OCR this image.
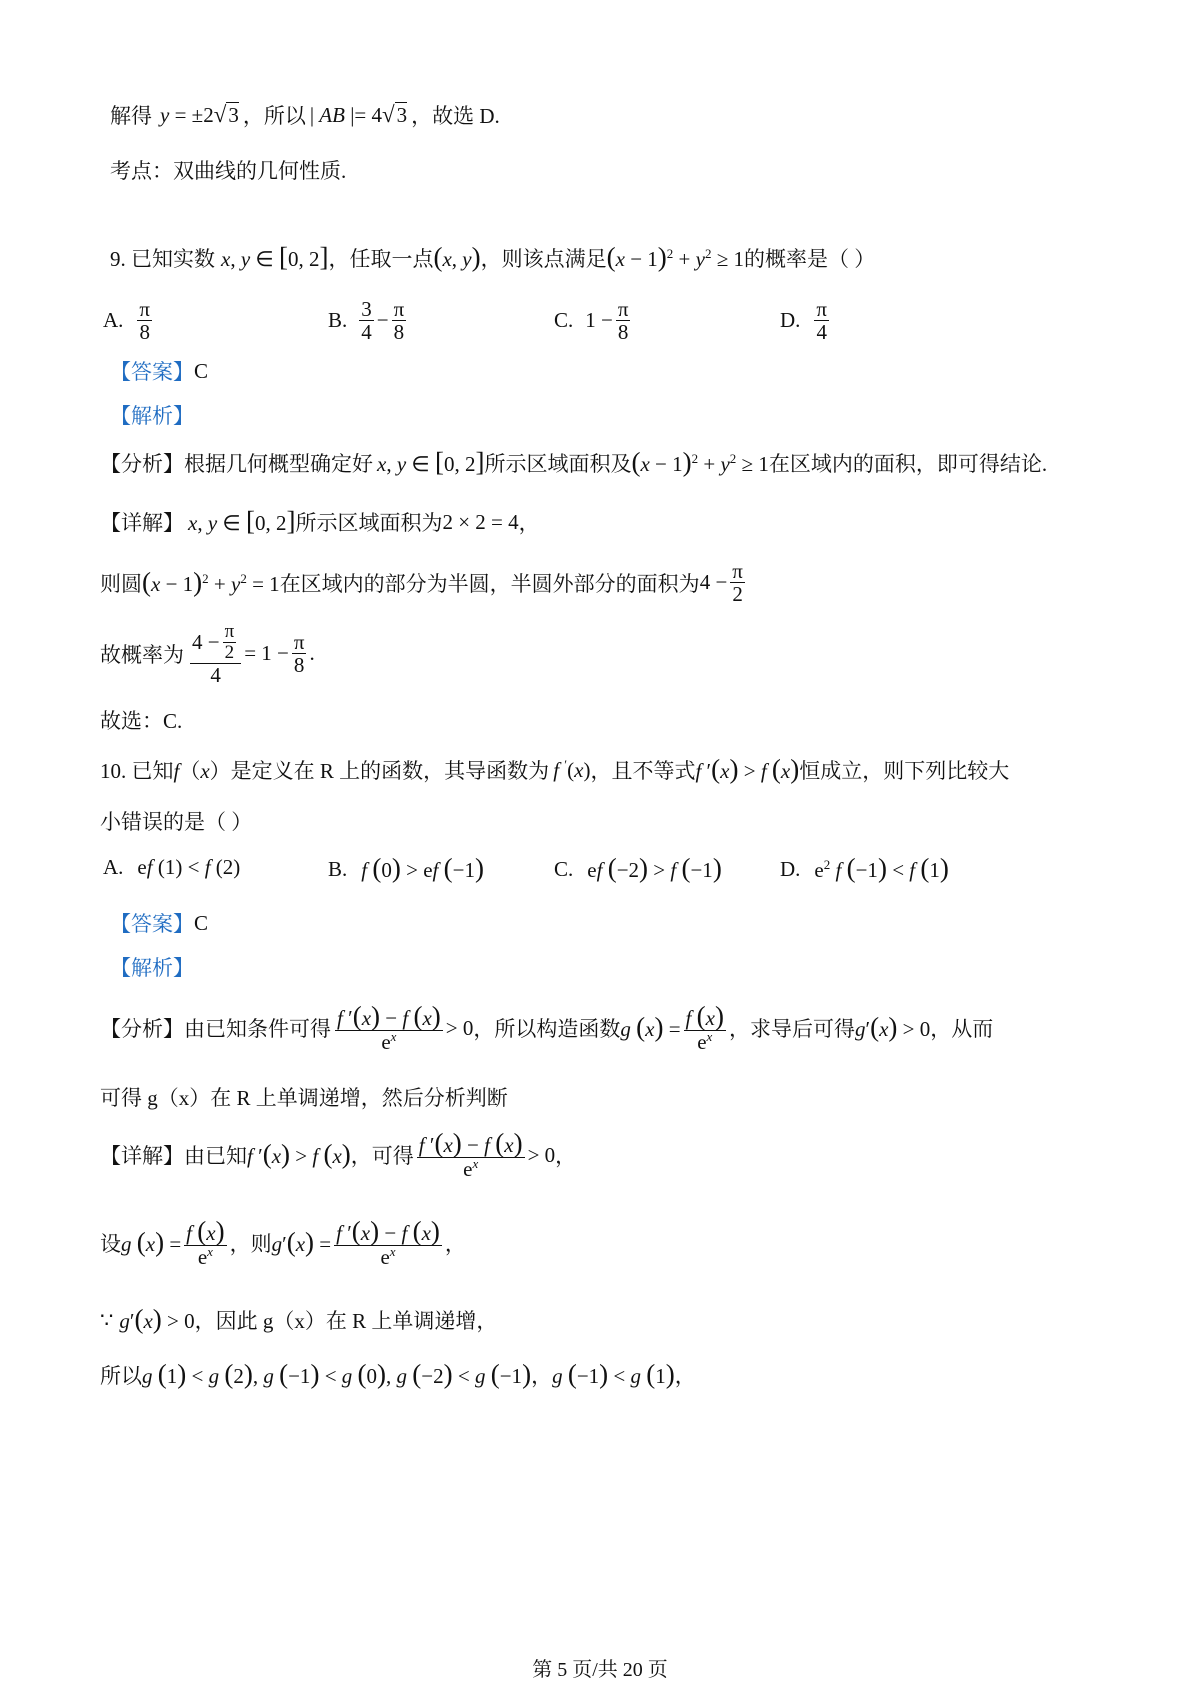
解得 y = ±2√3 ，所以 | AB |= 4√3 ，故选 D.
考点：双曲线的几何性质.
9. 已知实数 x, y ∈ [0, 2] ，任取一点 (x, y) ，则该点满足 $(x - 1)^2 + y^2 \ge 1$ 的概率是（ ）
A. $\frac{\pi}{8}$	B. $\frac{3}{4} - \frac{\pi}{8}$	C. $1 - \frac{\pi}{8}$	D. $\frac{\pi}{4}$
【答案】 C
【解析】
【分析】 根据几何概型确定好 x, y ∈ [0, 2] 所示区域面积及 $(x - 1)^2 + y^2 \ge 1$ 在区域内的面积，即可得结论.
【详解】 x, y ∈ [0, 2] 所示区域面积为 2 × 2 = 4 ，
则圆 $(x - 1)^2 + y^2 = 1$ 在区域内的部分为半圆，半圆外部分的面积为 $4 - \frac{\pi}{2}$
故概率为 $\frac{4 - \frac{\pi}{2}}{4} = 1 - \frac{\pi}{8}$ .
故选：C.
10. 已知 f（x） 是定义在 R 上的函数，其导函数为 f ′(x) ，且不等式 f ′(x) > f (x) 恒成立，则下列比较大
小错误的是（ ）
A. ef (1) < f (2)	B. f (0) > ef (−1)	C. ef (−2) > f (−1)	D. $e^2$ f (−1) < f (1)
【答案】 C
【解析】
【分析】 由已知条件可得 $\frac{f '(x) - f (x)}{e^x} > 0$ ，所以构造函数 g $(x) = \frac{f (x)}{e^x}$ ，求导后可得 g′(x) > 0 ，从而
可得 g（x）在 R 上单调递增，然后分析判断
【详解】 由已知 f ′(x) > f (x) ，可得 $\frac{f '(x) - f (x)}{e^x} > 0$ ，
设 g $(x) = \frac{f (x)}{e^x}$ ，则 $g'(x) = \frac{f '(x) - f (x)}{e^x}$ ，
∵ g′(x) > 0 ，因此 g（x）在 R 上单调递增，
所以 g (1) < g (2), g (−1) < g (0), g (−2) < g (−1) ， g (−1) < g (1) ，
第 5 页/共 20 页
